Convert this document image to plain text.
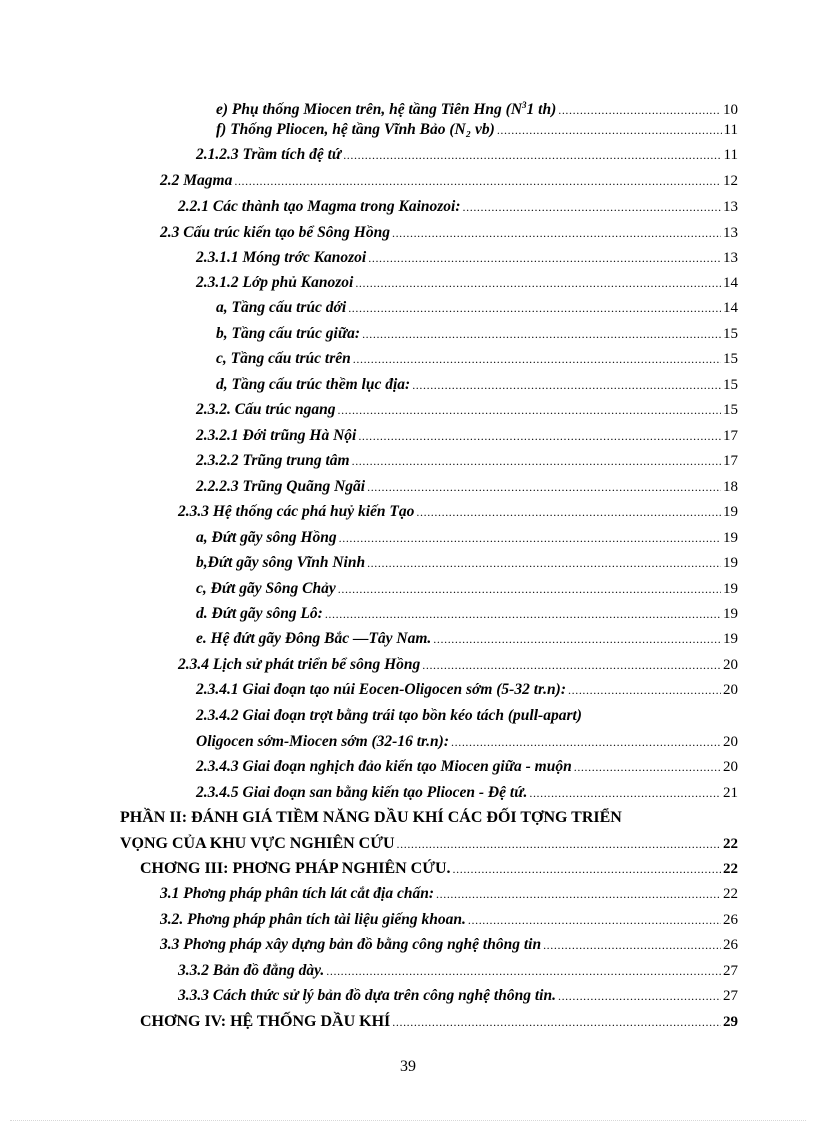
e) Phụ thống Miocen trên, hệ tầng Tiên Hng ($N^31$ th) .....	10
f) Thống Pliocen, hệ tầng Vĩnh Bảo (N₂ vb) .....	11
2.1.2.3 Trầm tích đệ tứ .....	11
2.2 Magma .....	12
2.2.1 Các thành tạo Magma trong Kainozoi: .....	13
2.3 Cấu trúc kiến tạo bể Sông Hồng .....	13
2.3.1.1 Móng trớc Kanozoi .....	13
2.3.1.2 Lớp phủ Kanozoi .....	14
a, Tầng cấu trúc dới .....	14
b, Tầng cấu trúc giữa: .....	15
c, Tầng cấu trúc trên .....	15
d, Tầng cấu trúc thềm lục địa: .....	15
2.3.2. Cấu trúc ngang .....	15
2.3.2.1 Đới trũng Hà Nội .....	17
2.3.2.2 Trũng trung tâm .....	17
2.2.2.3 Trũng Quãng Ngãi .....	18
2.3.3 Hệ thống các phá huỷ kiến Tạo .....	19
a, Đứt gãy sông Hồng .....	19
b,Đứt gãy sông Vĩnh Ninh .....	19
c, Đứt gãy Sông Chảy .....	19
d. Đứt gãy sông Lô: .....	19
e. Hệ đứt gãy Đông Bắc —Tây Nam. .....	19
2.3.4 Lịch sử phát triển bể sông Hồng .....	20
2.3.4.1 Giai đoạn tạo núi Eocen-Oligocen sớm (5-32 tr.n): .....	20
2.3.4.2 Giai đoạn trợt bằng trái tạo bồn kéo tách (pull-apart)
Oligocen sớm-Miocen sớm (32-16 tr.n): .....	20
2.3.4.3 Giai đoạn nghịch đảo kiến tạo Miocen giữa - muộn .....	20
2.3.4.5 Giai đoạn san bằng kiến tạo Pliocen - Đệ tứ. .....	21
PHẦN II: ĐÁNH GIÁ TIỀM NĂNG DẦU KHÍ CÁC ĐỐI TỢNG TRIỂN
VỌNG CỦA KHU VỰC NGHIÊN CỨU .....	22
CHƠNG III: PHƠNG PHÁP NGHIÊN CỨU. .....	22
3.1 Phơng pháp phân tích lát cắt địa chấn: .....	22
3.2. Phơng pháp phân tích tài liệu giếng khoan. .....	26
3.3 Phơng pháp xây dựng bản đồ bằng công nghệ thông tin .....	26
3.3.2 Bản đồ đẳng dày. .....	27
3.3.3 Cách thức sử lý bản đồ dựa trên công nghệ thông tin. .....	27
CHƠNG IV: HỆ THỐNG DẦU KHÍ .....	29
39
